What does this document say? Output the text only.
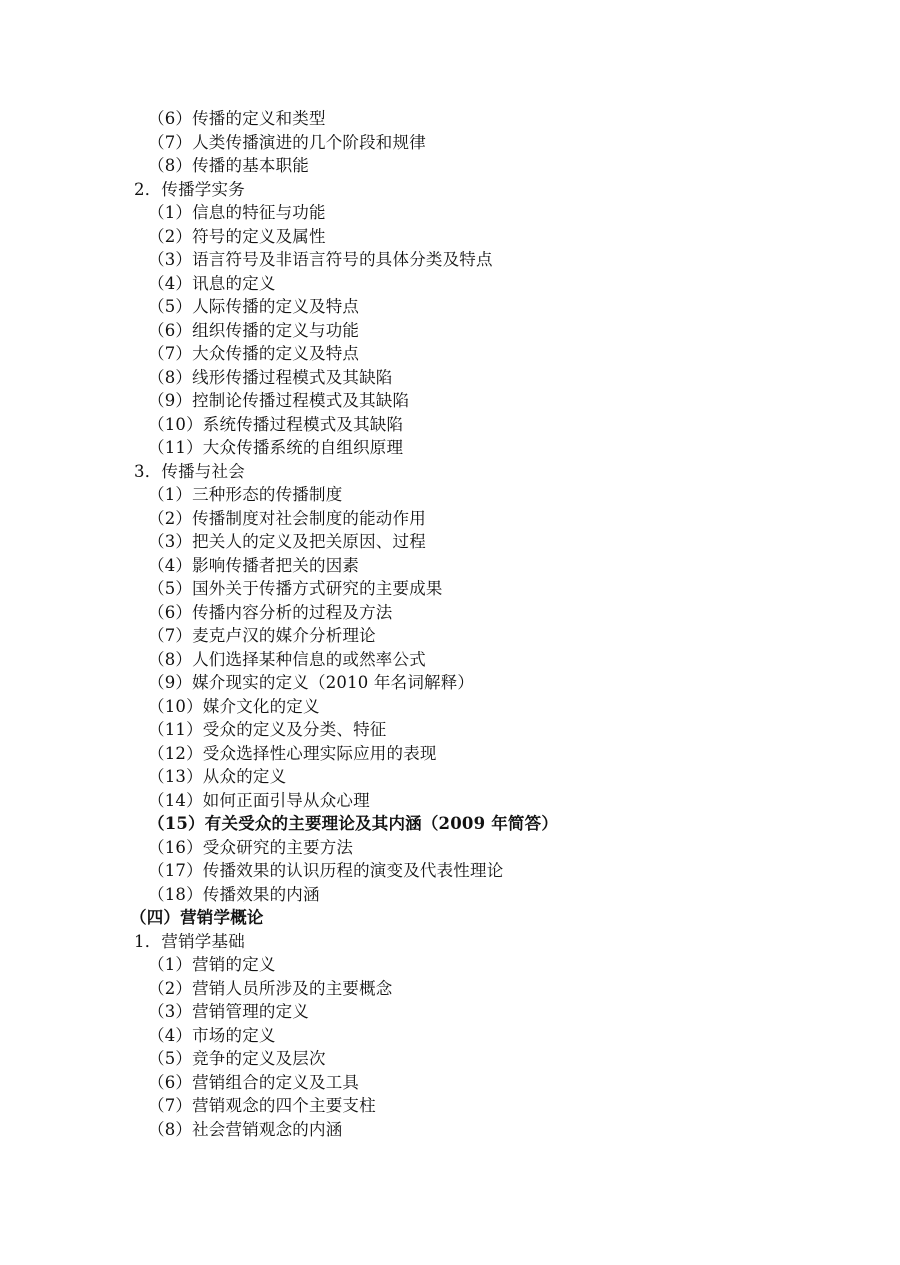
（6）传播的定义和类型
（7）人类传播演进的几个阶段和规律
（8）传播的基本职能
2．传播学实务
（1）信息的特征与功能
（2）符号的定义及属性
（3）语言符号及非语言符号的具体分类及特点
（4）讯息的定义
（5）人际传播的定义及特点
（6）组织传播的定义与功能
（7）大众传播的定义及特点
（8）线形传播过程模式及其缺陷
（9）控制论传播过程模式及其缺陷
（10）系统传播过程模式及其缺陷
（11）大众传播系统的自组织原理
3．传播与社会
（1）三种形态的传播制度
（2）传播制度对社会制度的能动作用
（3）把关人的定义及把关原因、过程
（4）影响传播者把关的因素
（5）国外关于传播方式研究的主要成果
（6）传播内容分析的过程及方法
（7）麦克卢汉的媒介分析理论
（8）人们选择某种信息的或然率公式
（9）媒介现实的定义（2010 年名词解释）
（10）媒介文化的定义
（11）受众的定义及分类、特征
（12）受众选择性心理实际应用的表现
（13）从众的定义
（14）如何正面引导从众心理
（15）有关受众的主要理论及其内涵（2009 年简答）
（16）受众研究的主要方法
（17）传播效果的认识历程的演变及代表性理论
（18）传播效果的内涵
（四）营销学概论
1．营销学基础
（1）营销的定义
（2）营销人员所涉及的主要概念
（3）营销管理的定义
（4）市场的定义
（5）竞争的定义及层次
（6）营销组合的定义及工具
（7）营销观念的四个主要支柱
（8）社会营销观念的内涵
